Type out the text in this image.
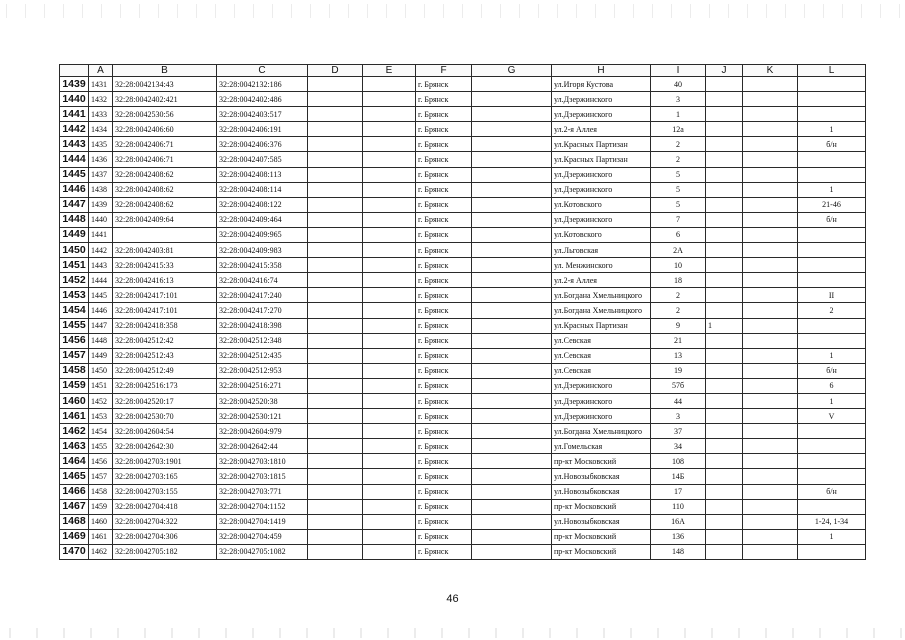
	A	B	C	D	E	F	G	H	I	J	K	L
1439	1431	32:28:0042134:43	32:28:0042132:186			г. Брянск		ул.Игоря Кустова	40			
1440	1432	32:28:0042402:421	32:28:0042402:486			г. Брянск		ул.Дзержинского	3			
1441	1433	32:28:0042530:56	32:28:0042403:517			г. Брянск		ул.Дзержинского	1			
1442	1434	32:28:0042406:60	32:28:0042406:191			г. Брянск		ул.2-я Аллея	12а			1
1443	1435	32:28:0042406:71	32:28:0042406:376			г. Брянск		ул.Красных Партизан	2			б/н
1444	1436	32:28:0042406:71	32:28:0042407:585			г. Брянск		ул.Красных Партизан	2			
1445	1437	32:28:0042408:62	32:28:0042408:113			г. Брянск		ул.Дзержинского	5			
1446	1438	32:28:0042408:62	32:28:0042408:114			г. Брянск		ул.Дзержинского	5			1
1447	1439	32:28:0042408:62	32:28:0042408:122			г. Брянск		ул.Котовского	5			21-46
1448	1440	32:28:0042409:64	32:28:0042409:464			г. Брянск		ул.Дзержинского	7			б/н
1449	1441		32:28:0042409:965			г. Брянск		ул.Котовского	6			
1450	1442	32:28:0042403:81	32:28:0042409:983			г. Брянск		ул.Льговская	2А			
1451	1443	32:28:0042415:33	32:28:0042415:358			г. Брянск		ул. Менжинского	10			
1452	1444	32:28:0042416:13	32:28:0042416:74			г. Брянск		ул.2-я Аллея	18			
1453	1445	32:28:0042417:101	32:28:0042417:240			г. Брянск		ул.Богдана Хмельницкого	2			II
1454	1446	32:28:0042417:101	32:28:0042417:270			г. Брянск		ул.Богдана Хмельницкого	2			2
1455	1447	32:28:0042418:358	32:28:0042418:398			г. Брянск		ул.Красных Партизан	9	1		
1456	1448	32:28:0042512:42	32:28:0042512:348			г. Брянск		ул.Севская	21			
1457	1449	32:28:0042512:43	32:28:0042512:435			г. Брянск		ул.Севская	13			1
1458	1450	32:28:0042512:49	32:28:0042512:953			г. Брянск		ул.Севская	19			б/н
1459	1451	32:28:0042516:173	32:28:0042516:271			г. Брянск		ул.Дзержинского	57б			6
1460	1452	32:28:0042520:17	32:28:0042520:38			г. Брянск		ул.Дзержинского	44			1
1461	1453	32:28:0042530:70	32:28:0042530:121			г. Брянск		ул.Дзержинского	3			V
1462	1454	32:28:0042604:54	32:28:0042604:979			г. Брянск		ул.Богдана Хмельницкого	37			
1463	1455	32:28:0042642:30	32:28:0042642:44			г. Брянск		ул.Гомельская	34			
1464	1456	32:28:0042703:1901	32:28:0042703:1810			г. Брянск		пр-кт Московский	108			
1465	1457	32:28:0042703:165	32:28:0042703:1815			г. Брянск		ул.Новозыбковская	14Б			
1466	1458	32:28:0042703:155	32:28:0042703:771			г. Брянск		ул.Новозыбковская	17			б/н
1467	1459	32:28:0042704:418	32:28:0042704:1152			г. Брянск		пр-кт Московский	110			
1468	1460	32:28:0042704:322	32:28:0042704:1419			г. Брянск		ул.Новозыбковская	16А			1-24, 1-34
1469	1461	32:28:0042704:306	32:28:0042704:459			г. Брянск		пр-кт Московский	136			1
1470	1462	32:28:0042705:182	32:28:0042705:1082			г. Брянск		пр-кт Московский	148			
46
